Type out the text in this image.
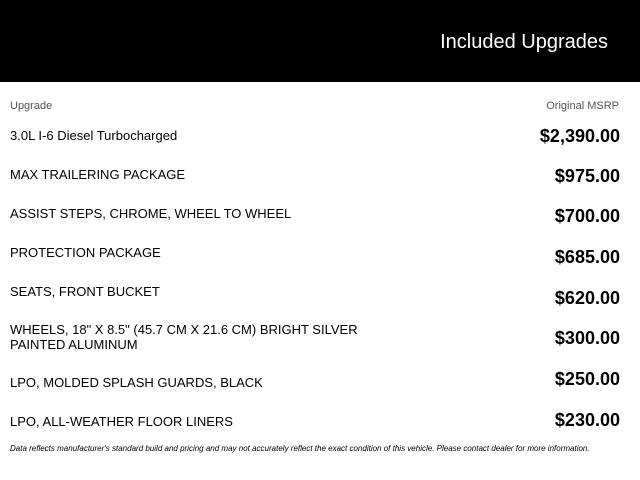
Included Upgrades
Upgrade	Original MSRP
3.0L I-6 Diesel Turbocharged	$2,390.00
MAX TRAILERING PACKAGE	$975.00
ASSIST STEPS, CHROME, WHEEL TO WHEEL	$700.00
PROTECTION PACKAGE	$685.00
SEATS, FRONT BUCKET	$620.00
WHEELS, 18" X 8.5" (45.7 CM X 21.6 CM) BRIGHT SILVER PAINTED ALUMINUM	$300.00
LPO, MOLDED SPLASH GUARDS, BLACK	$250.00
LPO, ALL-WEATHER FLOOR LINERS	$230.00
Data reflects manufacturer's standard build and pricing and may not accurately reflect the exact condition of this vehicle. Please contact dealer for more information.
